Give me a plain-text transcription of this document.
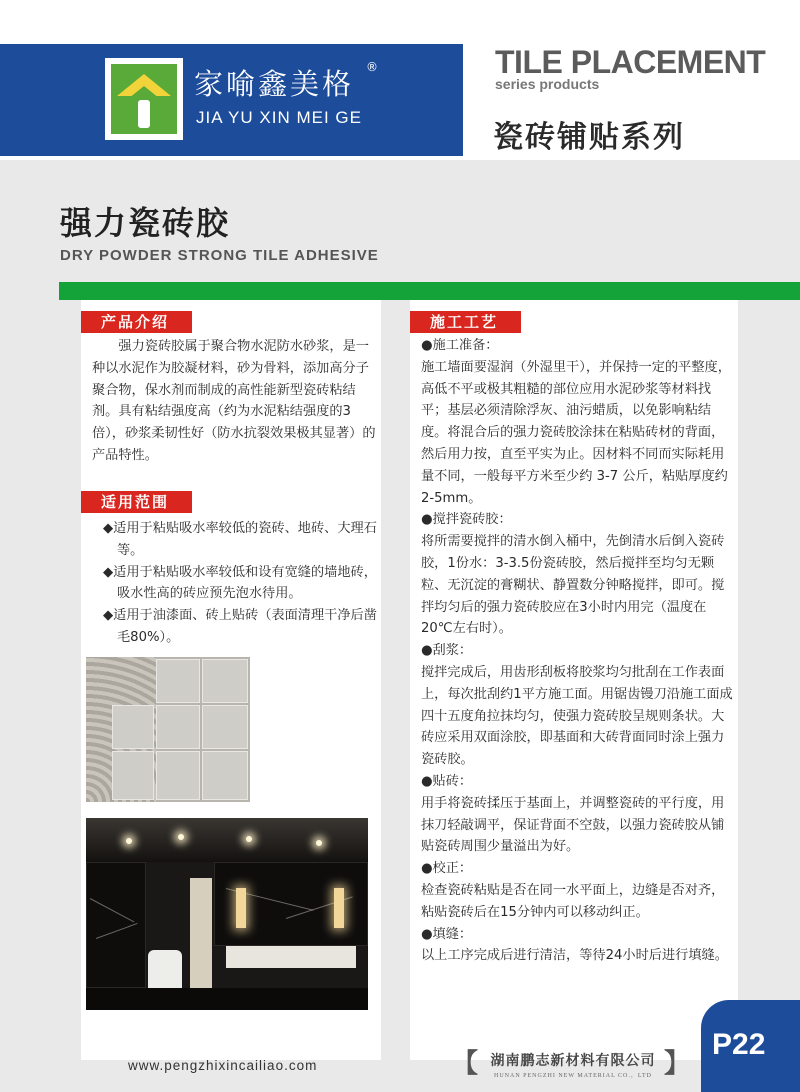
家喻鑫美格 ®
JIA YU XIN MEI GE
TILE PLACEMENT
series products
瓷砖铺贴系列
强力瓷砖胶
DRY POWDER STRONG TILE ADHESIVE
产品介绍

强力瓷砖胶属于聚合物水泥防水砂浆，是一种以水泥作为胶凝材料，砂为骨料，添加高分子聚合物，保水剂而制成的高性能新型瓷砖粘结剂。具有粘结强度高（约为水泥粘结强度的3倍），砂浆柔韧性好（防水抗裂效果极其显著）的产品特性。

适用范围

◆适用于粘贴吸水率较低的瓷砖、地砖、大理石等。

◆适用于粘贴吸水率较低和设有宽缝的墙地砖，吸水性高的砖应预先泡水待用。

◆适用于油漆面、砖上贴砖（表面清理干净后凿毛80%）。

施工工艺

●施工准备：

施工墙面要湿润（外湿里干），并保持一定的平整度，高低不平或极其粗糙的部位应用水泥砂浆等材料找平；基层必须清除浮灰、油污蜡质，以免影响粘结度。将混合后的强力瓷砖胶涂抹在粘贴砖材的背面，然后用力按，直至平实为止。因材料不同而实际耗用量不同，一般每平方米至少约 3-7 公斤，粘贴厚度约2-5mm。

●搅拌瓷砖胶：

将所需要搅拌的清水倒入桶中，先倒清水后倒入瓷砖胶，1份水：3-3.5份瓷砖胶，然后搅拌至均匀无颗粒、无沉淀的膏糊状、静置数分钟略搅拌，即可。搅拌均匀后的强力瓷砖胶应在3小时内用完（温度在20℃左右时）。

●刮浆：

搅拌完成后，用齿形刮板将胶浆均匀批刮在工作表面上，每次批刮约1平方施工面。用锯齿镘刀沿施工面成四十五度角拉抹均匀，使强力瓷砖胶呈规则条状。大砖应采用双面涂胶，即基面和大砖背面同时涂上强力瓷砖胶。

●贴砖：

用手将瓷砖揉压于基面上，并调整瓷砖的平行度，用抹刀轻敲调平，保证背面不空鼓，以强力瓷砖胶从铺贴瓷砖周围少量溢出为好。

●校正：

检查瓷砖粘贴是否在同一水平面上，边缝是否对齐，粘贴瓷砖后在15分钟内可以移动纠正。

●填缝：

以上工序完成后进行清洁，等待24小时后进行填缝。

www.pengzhixincailiao.com	【 湖南鹏志新材料有限公司
HUNAN PENGZHI NEW MATERIAL CO.，LTD 】
P22
